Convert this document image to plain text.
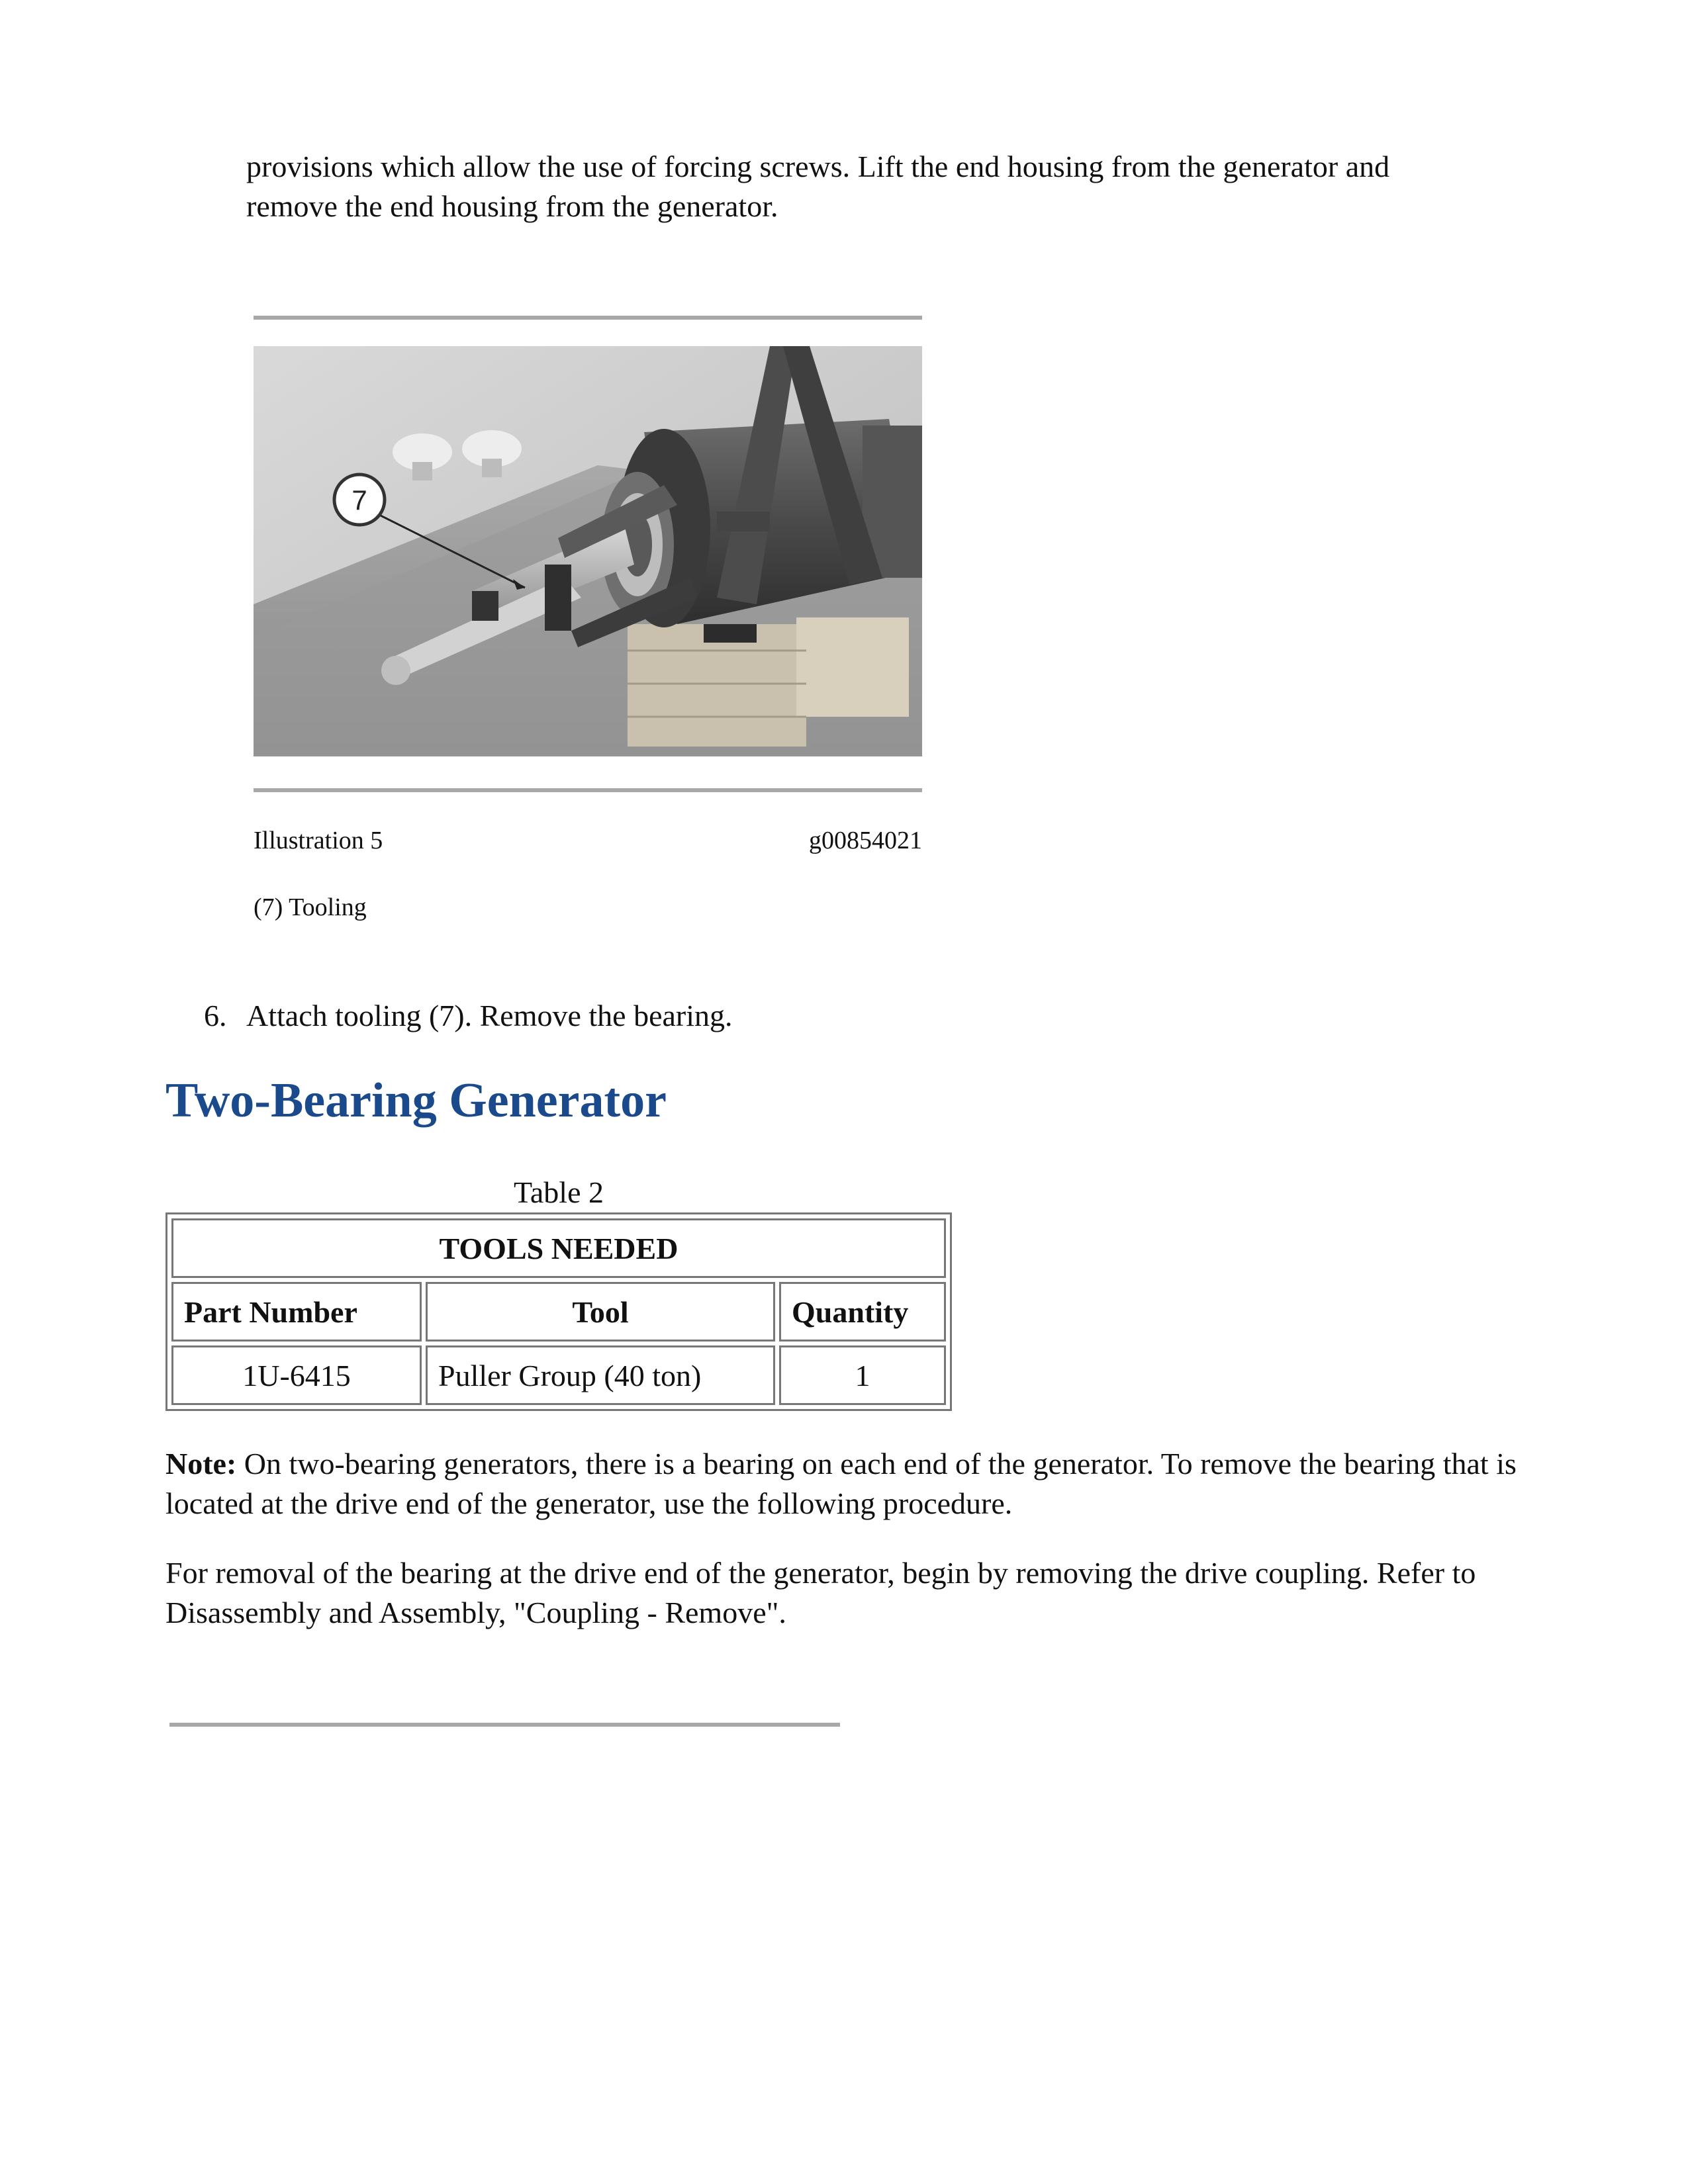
provisions which allow the use of forcing screws. Lift the end housing from the generator and
remove the end housing from the generator.
7
Illustration 5	g00854021
(7) Tooling
6. Attach tooling (7). Remove the bearing.
Two-Bearing Generator
Table 2
TOOLS NEEDED		
Part Number	Tool	Quantity
1U-6415	Puller Group (40 ton)	1

Note: On two-bearing generators, there is a bearing on each end of the generator. To remove the bearing that is located at the drive end of the generator, use the following procedure.

For removal of the bearing at the drive end of the generator, begin by removing the drive coupling. Refer to Disassembly and Assembly, "Coupling - Remove".
